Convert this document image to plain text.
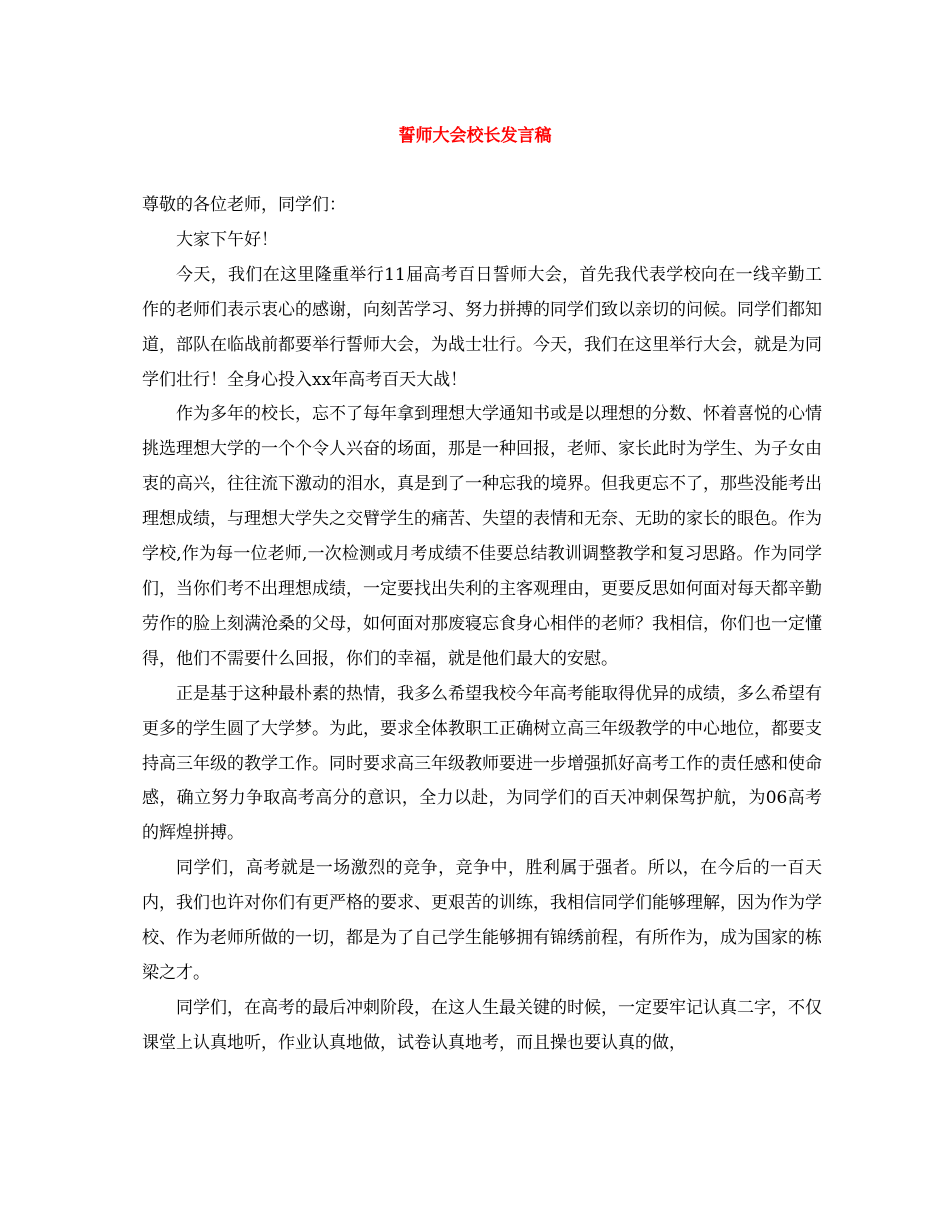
誓师大会校长发言稿

尊敬的各位老师，同学们：

大家下午好！

今天，我们在这里隆重举行11届高考百日誓师大会，首先我代表学校向在一线辛勤工作的老师们表示衷心的感谢，向刻苦学习、努力拼搏的同学们致以亲切的问候。同学们都知道，部队在临战前都要举行誓师大会，为战士壮行。今天，我们在这里举行大会，就是为同学们壮行！全身心投入xx年高考百天大战！

作为多年的校长，忘不了每年拿到理想大学通知书或是以理想的分数、怀着喜悦的心情挑选理想大学的一个个令人兴奋的场面，那是一种回报，老师、家长此时为学生、为子女由衷的高兴，往往流下激动的泪水，真是到了一种忘我的境界。但我更忘不了，那些没能考出理想成绩，与理想大学失之交臂学生的痛苦、失望的表情和无奈、无助的家长的眼色。作为学校,作为每一位老师,一次检测或月考成绩不佳要总结教训调整教学和复习思路。作为同学们，当你们考不出理想成绩，一定要找出失利的主客观理由，更要反思如何面对每天都辛勤劳作的脸上刻满沧桑的父母，如何面对那废寝忘食身心相伴的老师？我相信，你们也一定懂得，他们不需要什么回报，你们的幸福，就是他们最大的安慰。

正是基于这种最朴素的热情，我多么希望我校今年高考能取得优异的成绩，多么希望有更多的学生圆了大学梦。为此，要求全体教职工正确树立高三年级教学的中心地位，都要支持高三年级的教学工作。同时要求高三年级教师要进一步增强抓好高考工作的责任感和使命感，确立努力争取高考高分的意识，全力以赴，为同学们的百天冲刺保驾护航，为06高考的辉煌拼搏。

同学们，高考就是一场激烈的竞争，竞争中，胜利属于强者。所以，在今后的一百天内，我们也许对你们有更严格的要求、更艰苦的训练，我相信同学们能够理解，因为作为学校、作为老师所做的一切，都是为了自己学生能够拥有锦绣前程，有所作为，成为国家的栋梁之才。

同学们，在高考的最后冲刺阶段，在这人生最关键的时候，一定要牢记认真二字，不仅课堂上认真地听，作业认真地做，试卷认真地考，而且操也要认真的做，
